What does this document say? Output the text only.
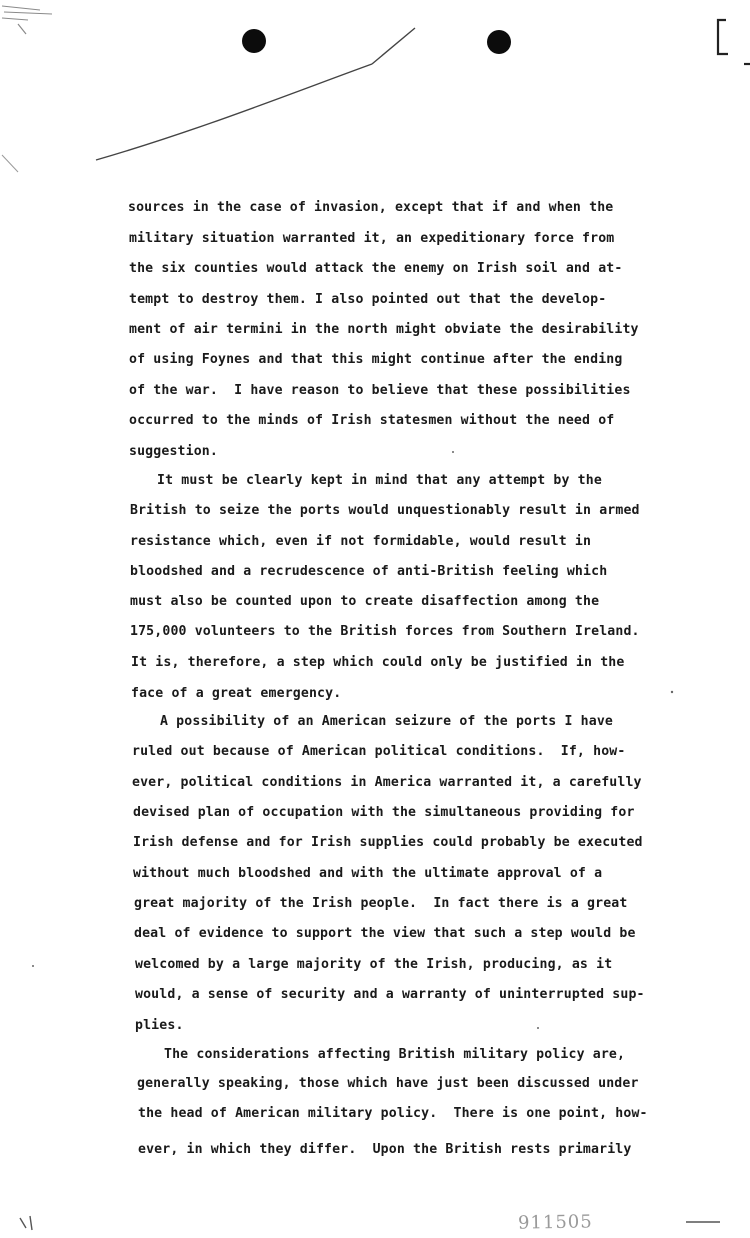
sources in the case of invasion, except that if and when the
military situation warranted it, an expeditionary force from
the six counties would attack the enemy on Irish soil and at-
tempt to destroy them. I also pointed out that the develop-
ment of air termini in the north might obviate the desirability
of using Foynes and that this might continue after the ending
of the war.  I have reason to believe that these possibilities
occurred to the minds of Irish statesmen without the need of
suggestion.
It must be clearly kept in mind that any attempt by the
British to seize the ports would unquestionably result in armed
resistance which, even if not formidable, would result in
bloodshed and a recrudescence of anti-British feeling which
must also be counted upon to create disaffection among the
175,000 volunteers to the British forces from Southern Ireland.
It is, therefore, a step which could only be justified in the
face of a great emergency.
A possibility of an American seizure of the ports I have
ruled out because of American political conditions.  If, how-
ever, political conditions in America warranted it, a carefully
devised plan of occupation with the simultaneous providing for
Irish defense and for Irish supplies could probably be executed
without much bloodshed and with the ultimate approval of a
great majority of the Irish people.  In fact there is a great
deal of evidence to support the view that such a step would be
welcomed by a large majority of the Irish, producing, as it
would, a sense of security and a warranty of uninterrupted sup-
plies.
The considerations affecting British military policy are,
generally speaking, those which have just been discussed under
the head of American military policy.  There is one point, how-
ever, in which they differ.  Upon the British rests primarily
911505
